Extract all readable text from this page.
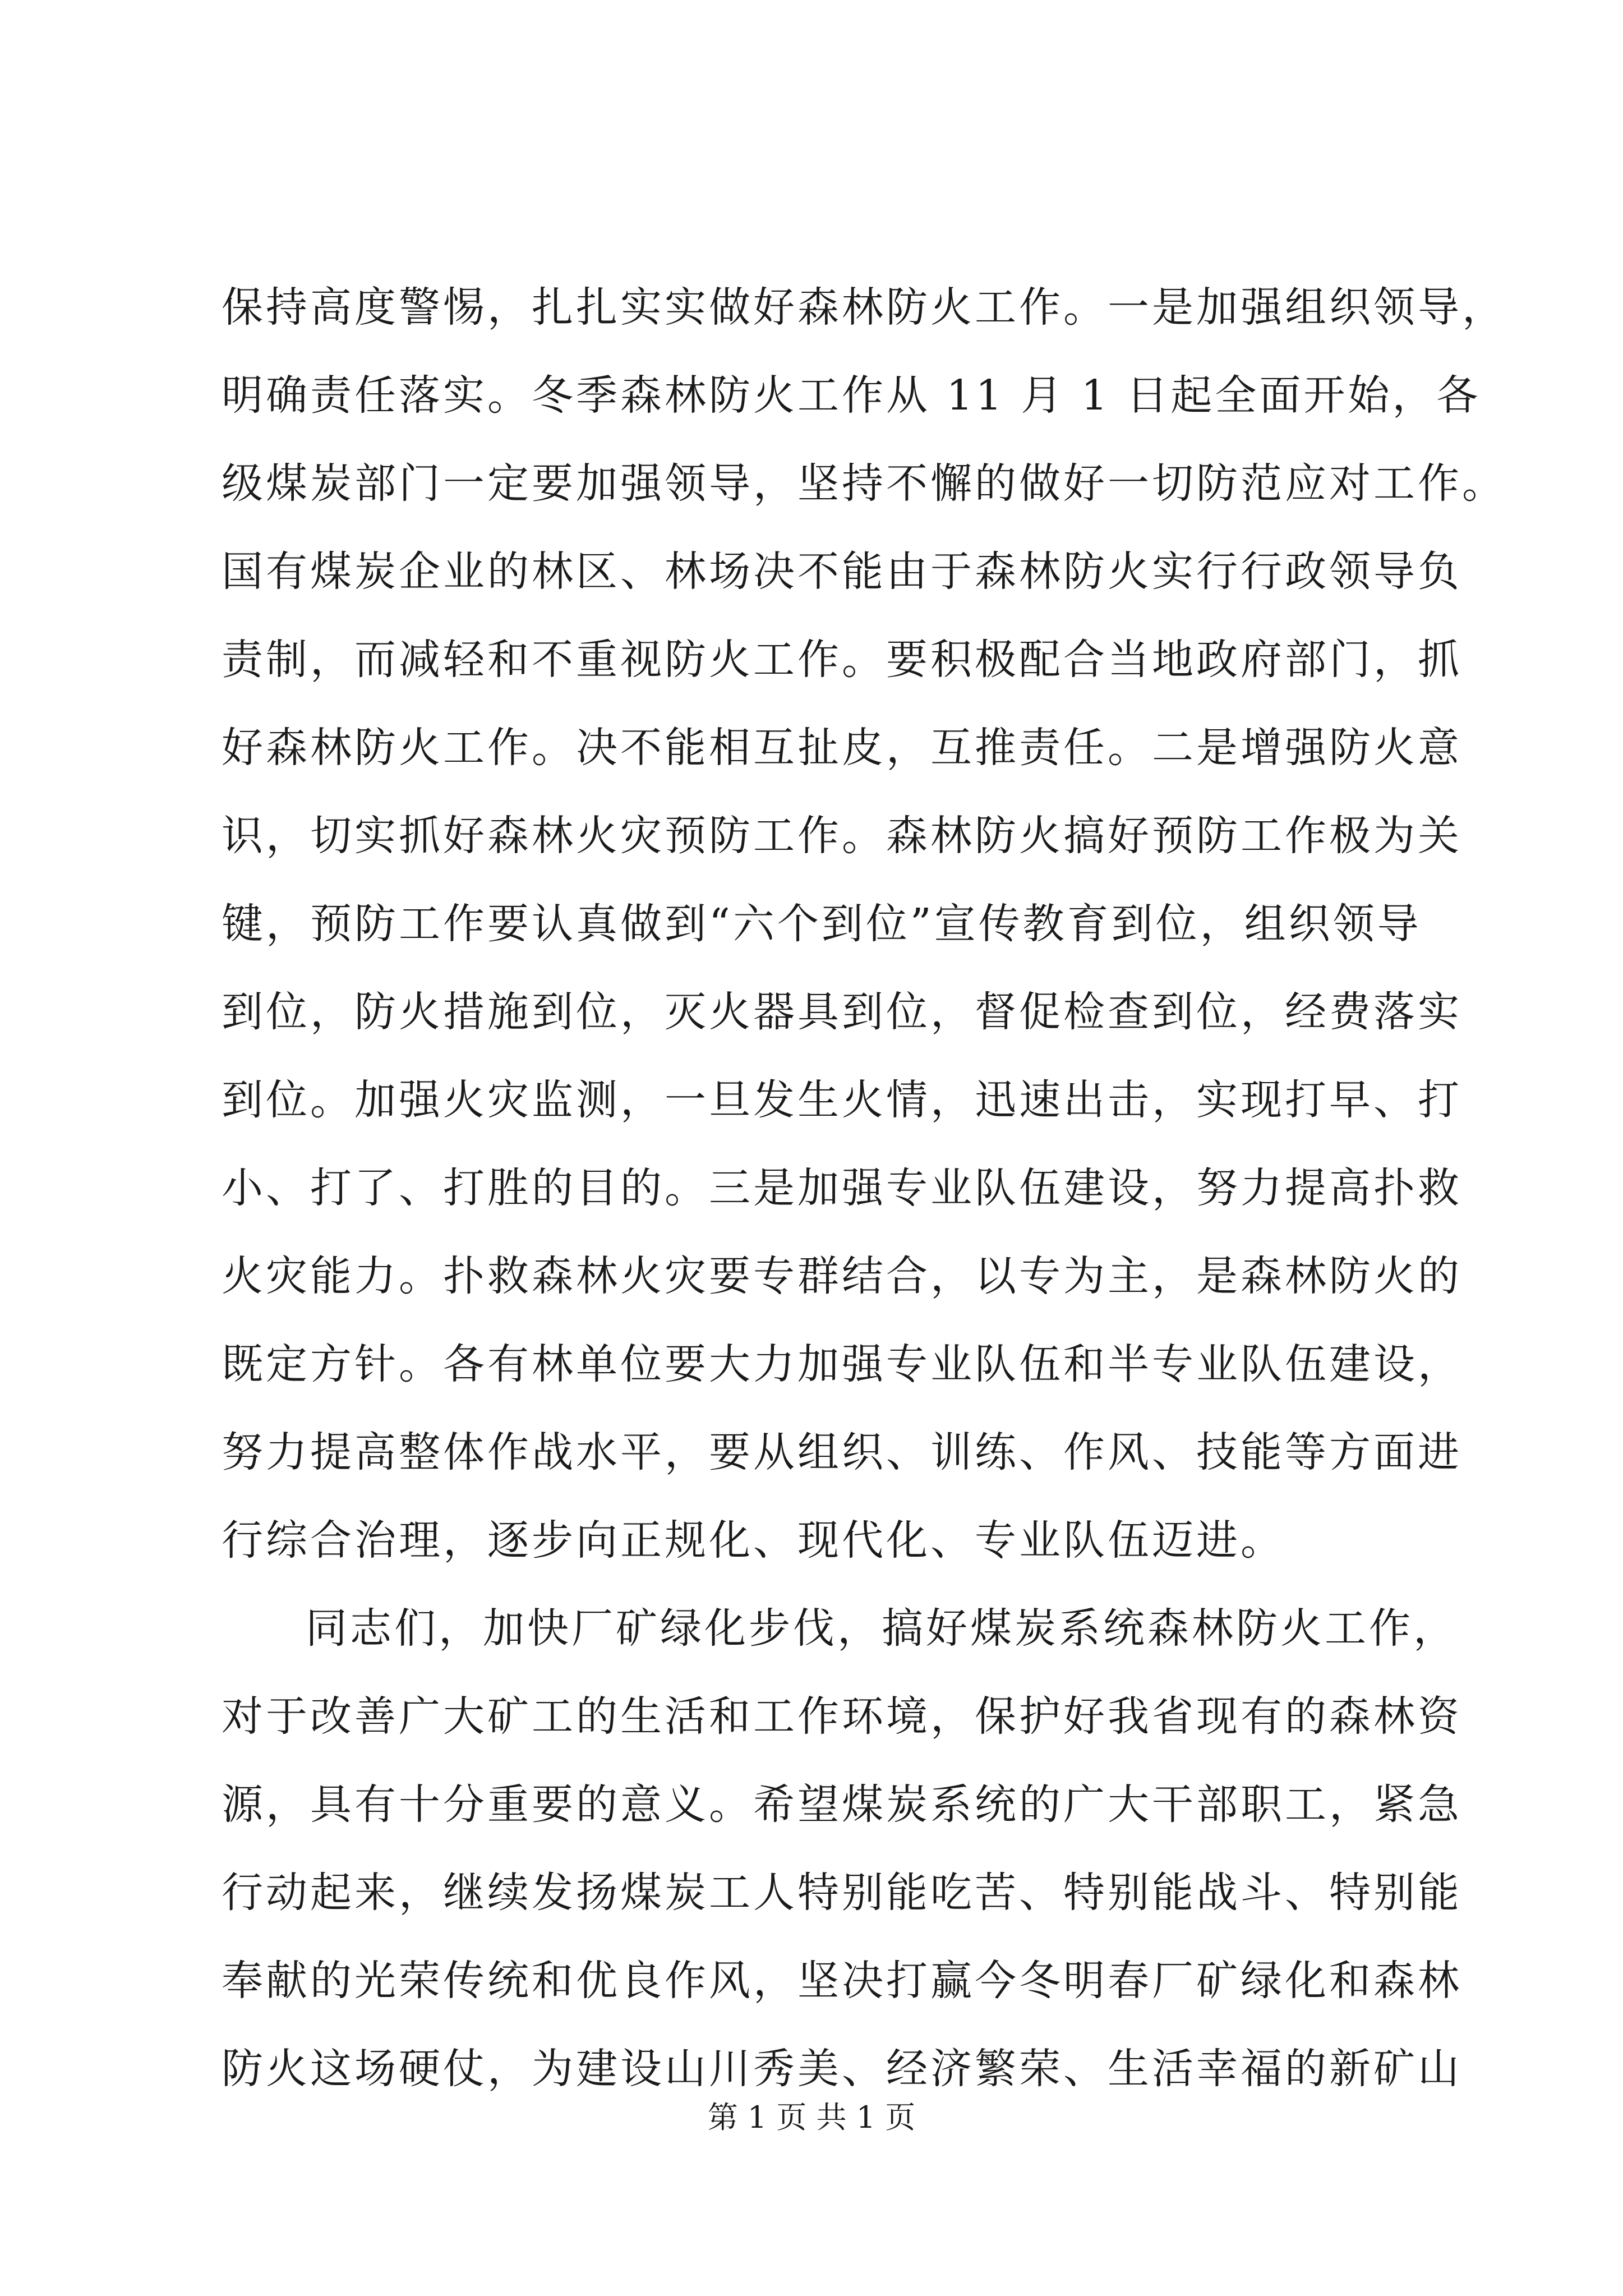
保持高度警惕，扎扎实实做好森林防火工作。一是加强组织领导，
明确责任落实。冬季森林防火工作从 11 月 1 日起全面开始，各
级煤炭部门一定要加强领导，坚持不懈的做好一切防范应对工作。
国有煤炭企业的林区、林场决不能由于森林防火实行行政领导负
责制，而减轻和不重视防火工作。要积极配合当地政府部门，抓
好森林防火工作。决不能相互扯皮，互推责任。二是增强防火意
识，切实抓好森林火灾预防工作。森林防火搞好预防工作极为关
键，预防工作要认真做到“六个到位”宣传教育到位，组织领导
到位，防火措施到位，灭火器具到位，督促检查到位，经费落实
到位。加强火灾监测，一旦发生火情，迅速出击，实现打早、打
小、打了、打胜的目的。三是加强专业队伍建设，努力提高扑救
火灾能力。扑救森林火灾要专群结合，以专为主，是森林防火的
既定方针。各有林单位要大力加强专业队伍和半专业队伍建设，
努力提高整体作战水平，要从组织、训练、作风、技能等方面进
行综合治理，逐步向正规化、现代化、专业队伍迈进。
同志们，加快厂矿绿化步伐，搞好煤炭系统森林防火工作，
对于改善广大矿工的生活和工作环境，保护好我省现有的森林资
源，具有十分重要的意义。希望煤炭系统的广大干部职工，紧急
行动起来，继续发扬煤炭工人特别能吃苦、特别能战斗、特别能
奉献的光荣传统和优良作风，坚决打赢今冬明春厂矿绿化和森林
防火这场硬仗，为建设山川秀美、经济繁荣、生活幸福的新矿山
第 1 页 共 1 页
